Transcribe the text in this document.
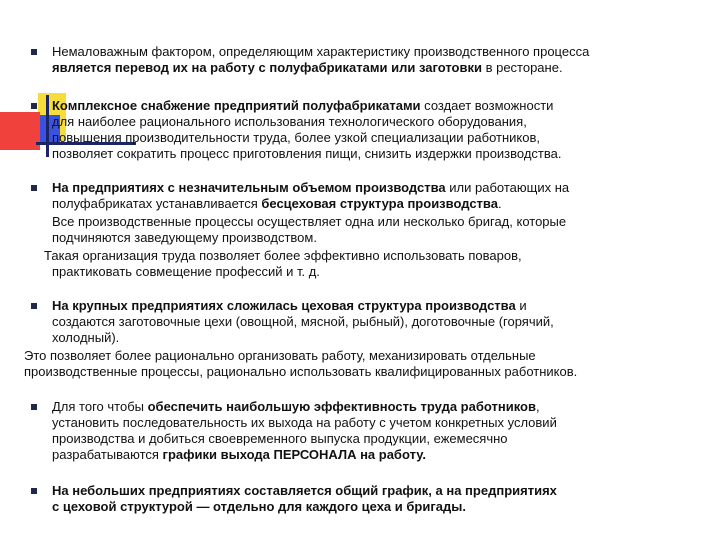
Немаловажным фактором, определяющим характеристику производственного процесса
является перевод их на работу с полуфабрикатами или заготовки в ресторане.
Комплексное снабжение предприятий полуфабрикатами создает возможности
для наиболее рационального использования технологического оборудования,
повышения производительности труда, более узкой специализации работников,
позволяет сократить процесс приготовления пищи, снизить издержки производства.
На предприятиях с незначительным объемом производства или работающих на
полуфабрикатах устанавливается бесцеховая структура производства.
Все производственные процессы осуществляет одна или несколько бригад, которые
подчиняются заведующему производством.
Такая организация труда позволяет более эффективно использовать поваров,
практиковать совмещение профессий и т. д.
На крупных предприятиях сложилась цеховая структура производства и
создаются заготовочные цехи (овощной, мясной, рыбный), доготовочные (горячий,
холодный).
Это позволяет более рационально организовать работу, механизировать отдельные
производственные процессы, рационально использовать квалифицированных работников.
Для того чтобы обеспечить наибольшую эффективность труда работников,
установить последовательность их выхода на работу с учетом конкретных условий
производства и добиться своевременного выпуска продукции, ежемесячно
разрабатываются графики выхода ПЕРСОНАЛА на работу.
На небольших предприятиях составляется общий график, а на предприятиях
с цеховой структурой — отдельно для каждого цеха и бригады.
